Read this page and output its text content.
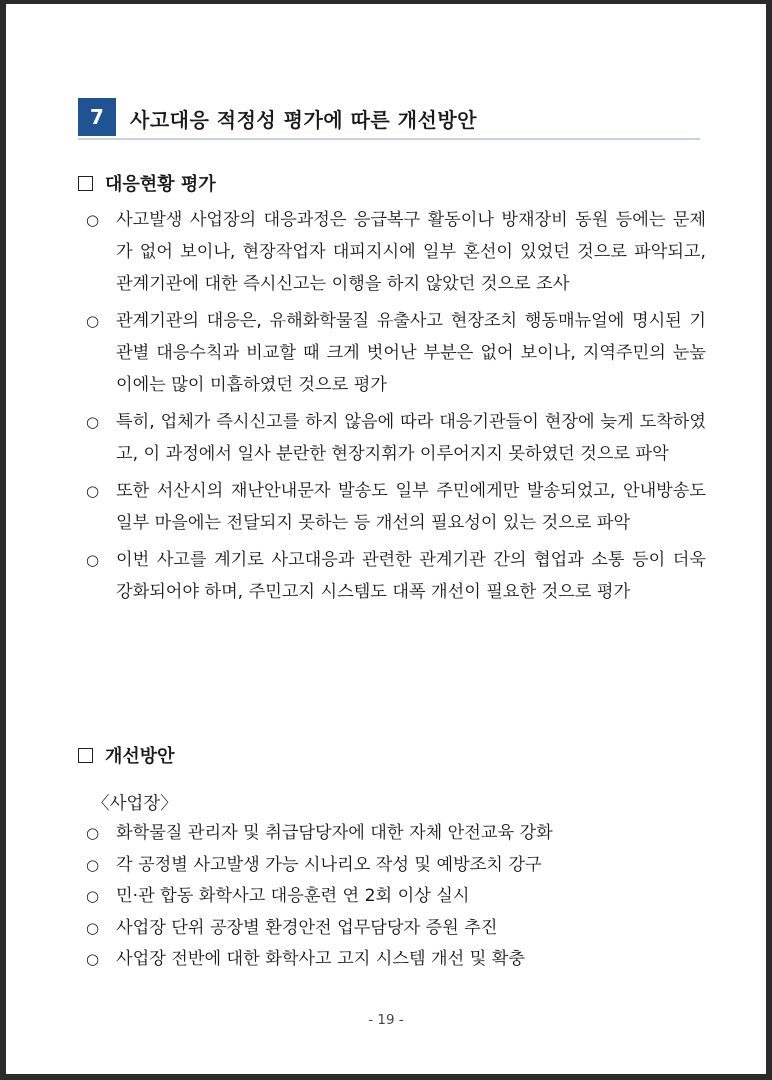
7	사고대응 적정성 평가에 따른 개선방안
대응현황 평가
○ 사고발생 사업장의 대응과정은 응급복구 활동이나 방재장비 동원 등에는 문제가 없어 보이나, 현장작업자 대피지시에 일부 혼선이 있었던 것으로 파악되고, 관계기관에 대한 즉시신고는 이행을 하지 않았던 것으로 조사
○ 관계기관의 대응은, 유해화학물질 유출사고 현장조치 행동매뉴얼에 명시된 기관별 대응수칙과 비교할 때 크게 벗어난 부분은 없어 보이나, 지역주민의 눈높이에는 많이 미흡하였던 것으로 평가
○ 특히, 업체가 즉시신고를 하지 않음에 따라 대응기관들이 현장에 늦게 도착하였고, 이 과정에서 일사 분란한 현장지휘가 이루어지지 못하였던 것으로 파악
○ 또한 서산시의 재난안내문자 발송도 일부 주민에게만 발송되었고, 안내방송도 일부 마을에는 전달되지 못하는 등 개선의 필요성이 있는 것으로 파악
○ 이번 사고를 계기로 사고대응과 관련한 관계기관 간의 협업과 소통 등이 더욱 강화되어야 하며, 주민고지 시스템도 대폭 개선이 필요한 것으로 평가
개선방안
〈사업장〉
○ 화학물질 관리자 및 취급담당자에 대한 자체 안전교육 강화
○ 각 공정별 사고발생 가능 시나리오 작성 및 예방조치 강구
○ 민·관 합동 화학사고 대응훈련 연 2회 이상 실시
○ 사업장 단위 공장별 환경안전 업무담당자 증원 추진
○ 사업장 전반에 대한 화학사고 고지 시스템 개선 및 확충
- 19 -
